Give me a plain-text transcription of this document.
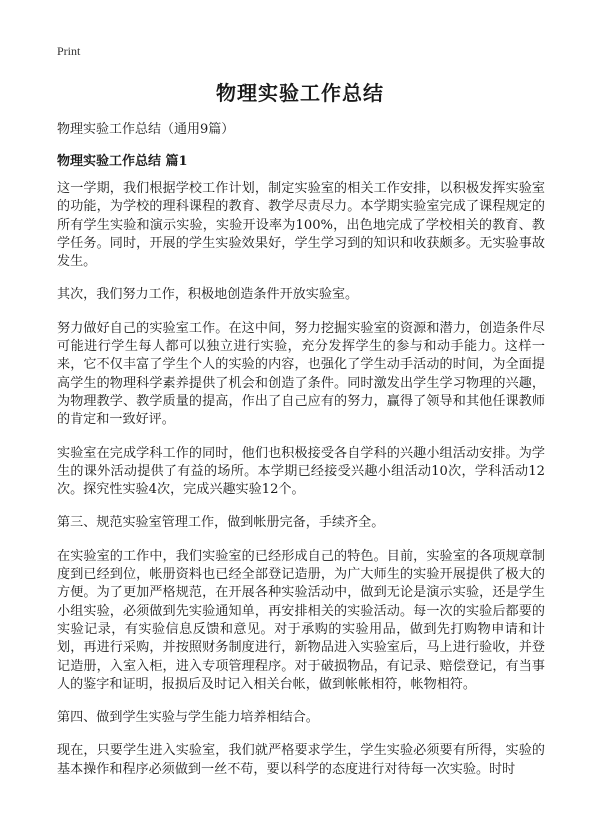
Print
物理实验工作总结

物理实验工作总结（通用9篇）

物理实验工作总结 篇1

这一学期，我们根据学校工作计划，制定实验室的相关工作安排，以积极发挥实验室的功能，为学校的理科课程的教育、教学尽责尽力。本学期实验室完成了课程规定的所有学生实验和演示实验，实验开设率为100%，出色地完成了学校相关的教育、教学任务。同时，开展的学生实验效果好，学生学习到的知识和收获颇多。无实验事故发生。

其次，我们努力工作，积极地创造条件开放实验室。

努力做好自己的实验室工作。在这中间，努力挖掘实验室的资源和潜力，创造条件尽可能进行学生每人都可以独立进行实验，充分发挥学生的参与和动手能力。这样一来，它不仅丰富了学生个人的实验的内容，也强化了学生动手活动的时间，为全面提高学生的物理科学素养提供了机会和创造了条件。同时激发出学生学习物理的兴趣，为物理教学、教学质量的提高，作出了自己应有的努力，赢得了领导和其他任课教师的肯定和一致好评。

实验室在完成学科工作的同时，他们也积极接受各自学科的兴趣小组活动安排。为学生的课外活动提供了有益的场所。本学期已经接受兴趣小组活动10次，学科活动12次。探究性实验4次，完成兴趣实验12个。

第三、规范实验室管理工作，做到帐册完备，手续齐全。

在实验室的工作中，我们实验室的已经形成自己的特色。目前，实验室的各项规章制度到已经到位，帐册资料也已经全部登记造册，为广大师生的实验开展提供了极大的方便。为了更加严格规范，在开展各种实验活动中，做到无论是演示实验，还是学生小组实验，必须做到先实验通知单，再安排相关的实验活动。每一次的实验后都要的实验记录，有实验信息反馈和意见。对于承购的实验用品，做到先打购物申请和计划，再进行采购，并按照财务制度进行，新物品进入实验室后，马上进行验收，并登记造册，入室入柜，进入专项管理程序。对于破损物品，有记录、赔偿登记，有当事人的鉴字和证明，报损后及时记入相关台帐，做到帐帐相符，帐物相符。

第四、做到学生实验与学生能力培养相结合。

现在，只要学生进入实验室，我们就严格要求学生，学生实验必须要有所得，实验的基本操作和程序必须做到一丝不苟，要以科学的态度进行对待每一次实验。时时
